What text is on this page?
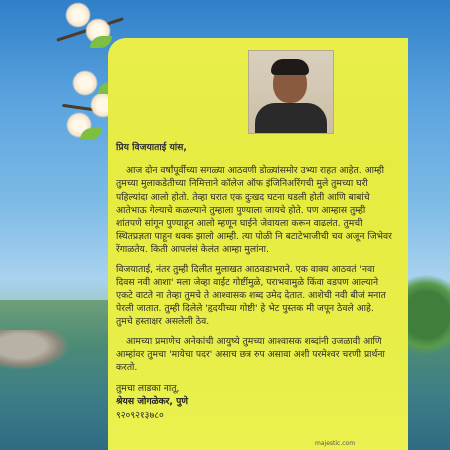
प्रिय विजयाताई यांस,

आज दोन वर्षांपूर्वीच्या सगळ्या आठवणी डोळ्यांसमोर उभ्या राहत आहेत. आम्ही तुमच्या मुलाकडेतीच्या निमित्ताने कॉलेज ऑफ इंजिनिअरिंगची मुले तुमच्या घरी पहिल्यांदा आलो होतो. तेव्हा घरात एक दुःखद घटना घडली होती आणि बाबांचे आतेभाऊ गेल्याचे कळल्याने तुम्हाला पुण्याला जायचे होते. पण आम्हास तुम्ही शांतपणे सांगून पुण्याहून आलो म्हणून घाईने जेवायला करून वाढलंत. तुमची स्थितप्रज्ञता पाहून थक्क झालो आम्ही. त्या पोळी नि बटाटेभाजीची चव अजून जिभेवर रेंगाळतेय. किती आपलंसं केलंत आम्हा मुलांना.

विजयाताई, नंतर तुम्ही दिलीत मुलाखत आठवडाभराने. एक वाक्य आठवतं 'नवा दिवस नवी आशा' मला जेव्हा वाईट गोष्टींमुळे, पराभवामुळे किंवा वडपण आल्याने एकटे वाटते ना तेव्हा तुमचे ते आश्वासक शब्द उमेद देतात. आशेची नवी बीजं मनात पेरली जातात. तुम्ही दिलेले 'हृदयीच्या गोष्टी' हे भेट पुस्तक मी जपून ठेवले आहे. तुमचे हस्ताक्षर असलेली ठेव.

आमच्या प्रमाणेच अनेकांची आयुष्ये तुमच्या आश्वासक शब्दांनी उजळावी आणि आम्हांवर तुमचा 'मायेचा पदर' असाच छत्र रुप असावा अशी परमेश्वर चरणी प्रार्थना करतो.

तुमचा लाडका नातू,

श्रेयस जोगळेकर, पुणे
९२०९२१३७८०
majestic.com
